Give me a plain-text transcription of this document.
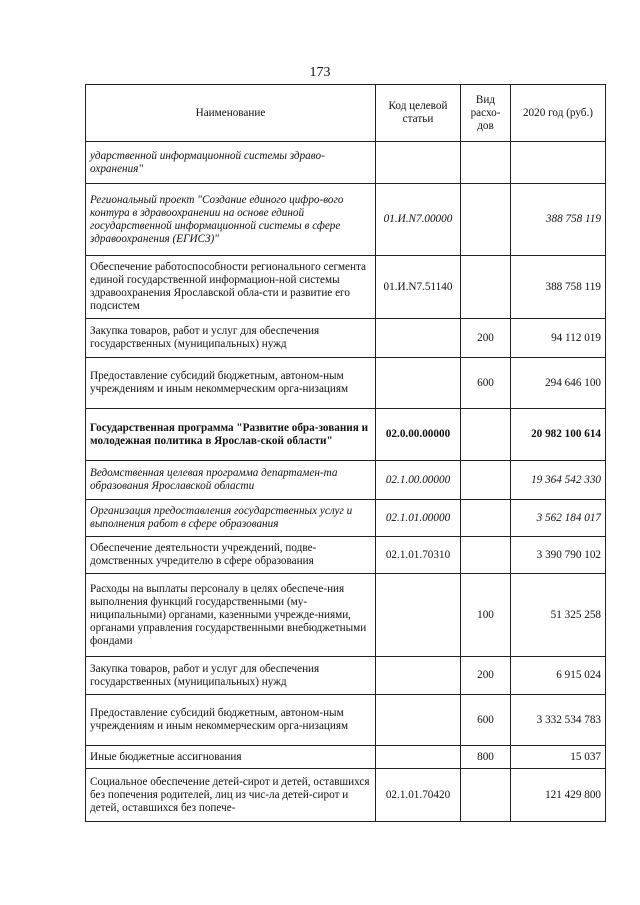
173
Наименование	Код целевой статьи	Вид расхо-дов	2020 год (руб.)
ударственной информационной системы здраво-охранения"			
Региональный проект "Создание единого цифро-вого контура в здравоохранении на основе единой государственной информационной системы в сфере здравоохранения (ЕГИСЗ)"	01.И.N7.00000		388 758 119
Обеспечение работоспособности регионального сегмента единой государственной информацион-ной системы здравоохранения Ярославской обла-сти и развитие его подсистем	01.И.N7.51140		388 758 119
Закупка товаров, работ и услуг для обеспечения государственных (муниципальных) нужд		200	94 112 019
Предоставление субсидий бюджетным, автоном-ным учреждениям и иным некоммерческим орга-низациям		600	294 646 100
Государственная программа "Развитие обра-зования и молодежная политика в Ярослав-ской области"	02.0.00.00000		20 982 100 614
Ведомственная целевая программа департамен-та образования Ярославской области	02.1.00.00000		19 364 542 330
Организация предоставления государственных услуг и выполнения работ в сфере образования	02.1.01.00000		3 562 184 017
Обеспечение деятельности учреждений, подве-домственных учредителю в сфере образования	02.1.01.70310		3 390 790 102
Расходы на выплаты персоналу в целях обеспече-ния выполнения функций государственными (му-ниципальными) органами, казенными учрежде-ниями, органами управления государственными внебюджетными фондами		100	51 325 258
Закупка товаров, работ и услуг для обеспечения государственных (муниципальных) нужд		200	6 915 024
Предоставление субсидий бюджетным, автоном-ным учреждениям и иным некоммерческим орга-низациям		600	3 332 534 783
Иные бюджетные ассигнования		800	15 037
Социальное обеспечение детей-сирот и детей, оставшихся без попечения родителей, лиц из чис-ла детей-сирот и детей, оставшихся без попече-	02.1.01.70420		121 429 800
